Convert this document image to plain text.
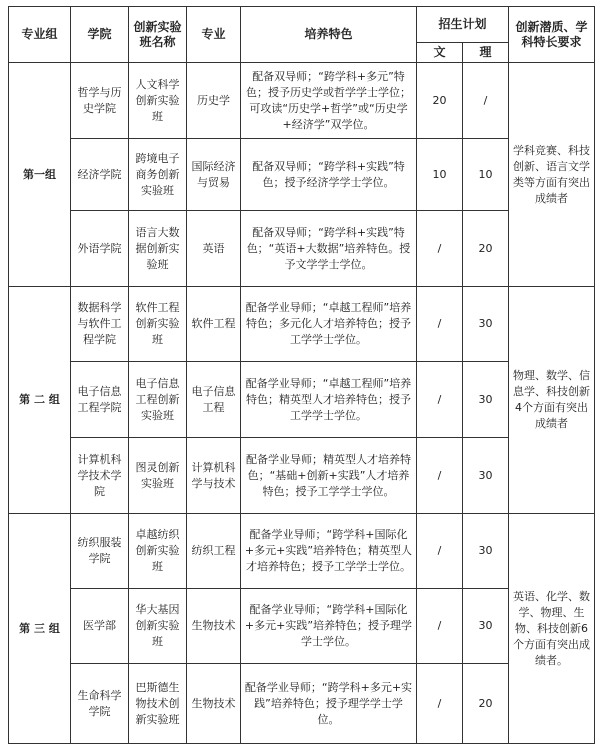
专业组	学院	创新实验班名称	专业	培养特色	招生计划		创新潜质、学科特长要求
					文	理	
第一组	哲学与历史学院	人文科学创新实验班	历史学	配备双导师；“跨学科+多元”特色；授予历史学或哲学学士学位；可攻读“历史学+哲学”或“历史学+经济学”双学位。	20	/	学科竞赛、科技创新、语言文学类等方面有突出成绩者
	经济学院	跨境电子商务创新实验班	国际经济与贸易	配备双导师；“跨学科+实践”特色；授予经济学学士学位。	10	10	
	外语学院	语言大数据创新实验班	英语	配备双导师；“跨学科+实践”特色；“英语+大数据”培养特色。授予文学学士学位。	/	20	
第 二 组	数据科学与软件工程学院	软件工程创新实验班	软件工程	配备学业导师；“卓越工程师”培养特色；多元化人才培养特色；授予工学学士学位。	/	30	物理、数学、信息学、科技创新4个方面有突出成绩者
	电子信息工程学院	电子信息工程创新实验班	电子信息工程	配备学业导师；“卓越工程师”培养特色；精英型人才培养特色；授予工学学士学位。	/	30	
	计算机科学技术学院	图灵创新实验班	计算机科学与技术	配备学业导师；精英型人才培养特色；“基础+创新+实践”人才培养特色；授予工学学士学位。	/	30	
第 三 组	纺织服装学院	卓越纺织创新实验班	纺织工程	配备学业导师；“跨学科+国际化+多元+实践”培养特色；精英型人才培养特色；授予工学学士学位。	/	30	英语、化学、数学、物理、生物、科技创新6个方面有突出成绩者。
	医学部	华大基因创新实验班	生物技术	配备学业导师；“跨学科+国际化+多元+实践”培养特色；授予理学学士学位。	/	30	
	生命科学学院	巴斯德生物技术创新实验班	生物技术	配备学业导师；“跨学科+多元+实践”培养特色；授予理学学士学位。	/	20	
